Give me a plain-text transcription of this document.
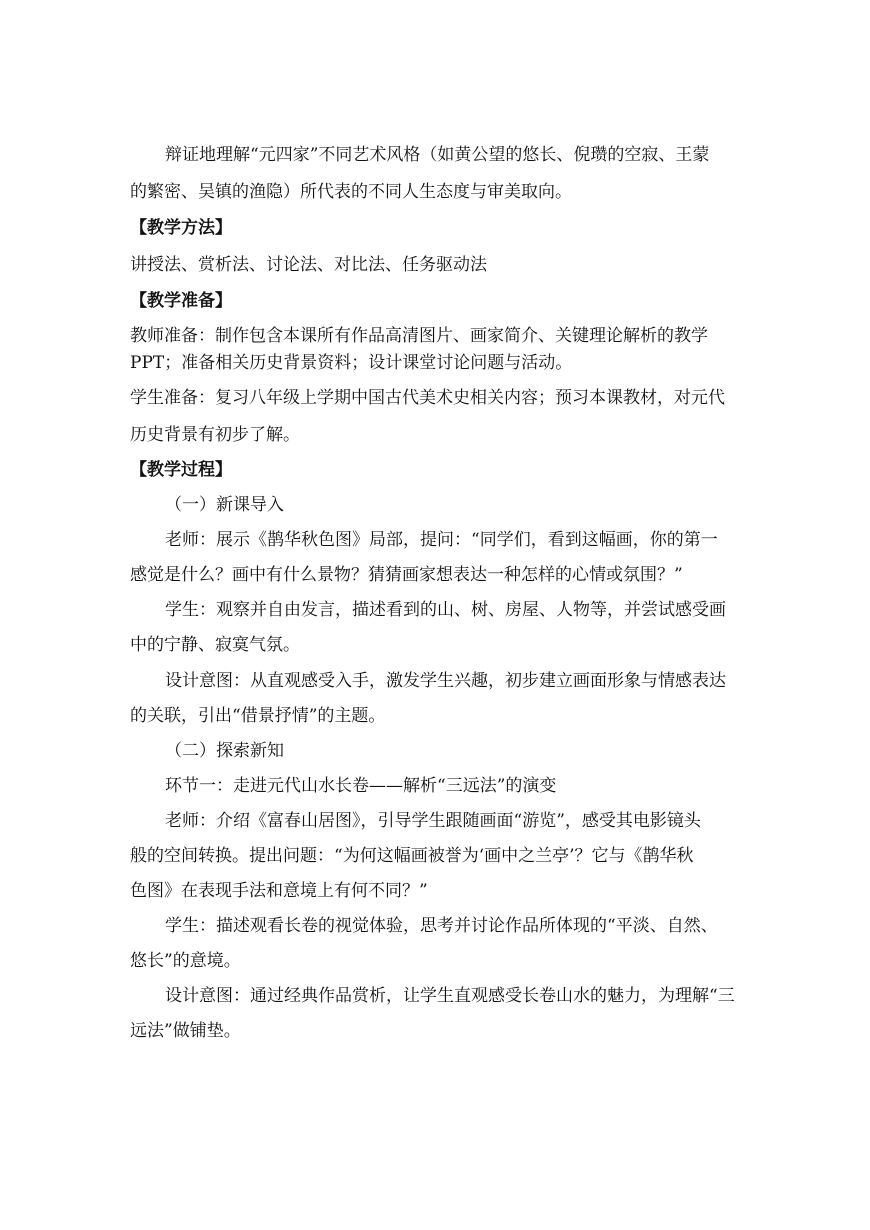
辩证地理解“元四家”不同艺术风格（如黄公望的悠长、倪瓒的空寂、王蒙
的繁密、吴镇的渔隐）所代表的不同人生态度与审美取向。
【教学方法】
讲授法、赏析法、讨论法、对比法、任务驱动法
【教学准备】
教师准备：制作包含本课所有作品高清图片、画家简介、关键理论解析的教学
PPT；准备相关历史背景资料；设计课堂讨论问题与活动。
学生准备：复习八年级上学期中国古代美术史相关内容；预习本课教材，对元代
历史背景有初步了解。
【教学过程】
（一）新课导入
老师：展示《鹊华秋色图》局部，提问：“同学们，看到这幅画，你的第一
感觉是什么？画中有什么景物？猜猜画家想表达一种怎样的心情或氛围？”
学生：观察并自由发言，描述看到的山、树、房屋、人物等，并尝试感受画
中的宁静、寂寞气氛。
设计意图：从直观感受入手，激发学生兴趣，初步建立画面形象与情感表达
的关联，引出“借景抒情”的主题。
（二）探索新知
环节一：走进元代山水长卷——解析“三远法”的演变
老师：介绍《富春山居图》，引导学生跟随画面“游览”，感受其电影镜头
般的空间转换。提出问题：“为何这幅画被誉为‘画中之兰亭’？它与《鹊华秋
色图》在表现手法和意境上有何不同？”
学生：描述观看长卷的视觉体验，思考并讨论作品所体现的“平淡、自然、
悠长”的意境。
设计意图：通过经典作品赏析，让学生直观感受长卷山水的魅力，为理解“三
远法”做铺垫。
